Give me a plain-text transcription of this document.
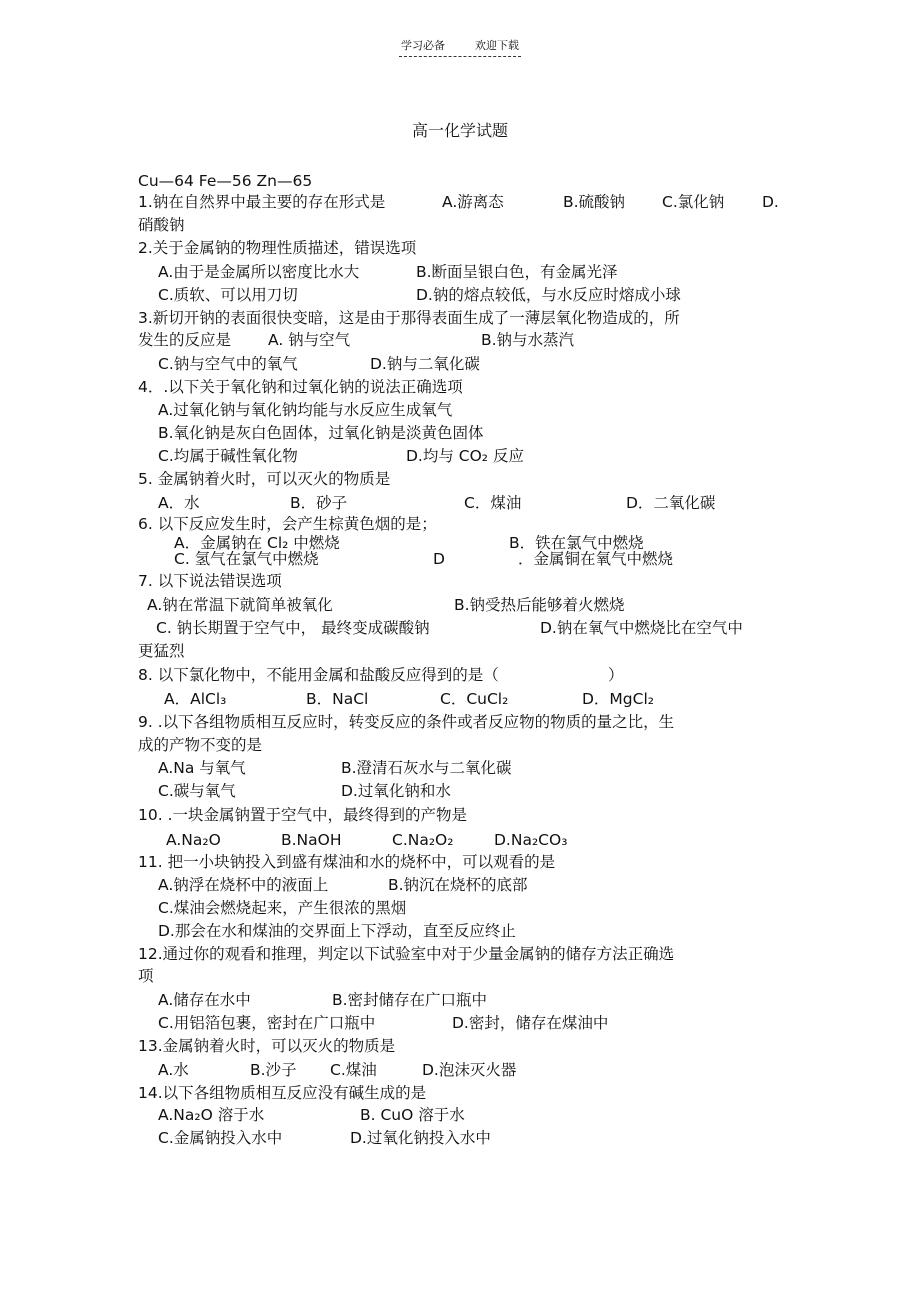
学习必备	欢迎下载
高一化学试题
Cu—64 Fe—56 Zn—65
1.钠在自然界中最主要的存在形式是	A.游离态	B.硫酸钠 C.氯化钠 D.
硝酸钠
2.关于金属钠的物理性质描述，错误选项
A.由于是金属所以密度比水大	B.断面呈银白色，有金属光泽
C.质软、可以用刀切	D.钠的熔点较低，与水反应时熔成小球
3.新切开钠的表面很快变暗，这是由于那得表面生成了一薄层氧化物造成的，所
发生的反应是 A. 钠与空气	B.钠与水蒸汽
C.钠与空气中的氧气	D.钠与二氧化碳
4．.以下关于氧化钠和过氧化钠的说法正确选项
A.过氧化钠与氧化钠均能与水反应生成氧气
B.氧化钠是灰白色固体，过氧化钠是淡黄色固体
C.均属于碱性氧化物	D.均与 CO₂ 反应
5. 金属钠着火时，可以灭火的物质是
A．水	B．砂子	C．煤油	D．二氧化碳
6. 以下反应发生时，会产生棕黄色烟的是；
A．金属钠在 Cl₂ 中燃烧	B．铁在氯气中燃烧
C. 氢气在氯气中燃烧	D	．金属铜在氧气中燃烧
7. 以下说法错误选项
A.钠在常温下就简单被氧化	B.钠受热后能够着火燃烧
C. 钠长期置于空气中， 最终变成碳酸钠	D.钠在氧气中燃烧比在空气中
更猛烈
8. 以下氯化物中，不能用金属和盐酸反应得到的是（	）
A．AlCl₃	B．NaCl	C．CuCl₂	D．MgCl₂
9. .以下各组物质相互反应时，转变反应的条件或者反应物的物质的量之比，生
成的产物不变的是
A.Na 与氧气	B.澄清石灰水与二氧化碳
C.碳与氧气	D.过氧化钠和水
10. .一块金属钠置于空气中，最终得到的产物是
A.Na₂O	B.NaOH	C.Na₂O₂	D.Na₂CO₃
11. 把一小块钠投入到盛有煤油和水的烧杯中，可以观看的是
A.钠浮在烧杯中的液面上	B.钠沉在烧杯的底部
C.煤油会燃烧起来，产生很浓的黑烟
D.那会在水和煤油的交界面上下浮动，直至反应终止
12.通过你的观看和推理，判定以下试验室中对于少量金属钠的储存方法正确选
项
A.储存在水中	B.密封储存在广口瓶中
C.用铝箔包裹，密封在广口瓶中	D.密封，储存在煤油中
13.金属钠着火时，可以灭火的物质是
A.水	B.沙子 C.煤油	D.泡沫灭火器
14.以下各组物质相互反应没有碱生成的是
A.Na₂O 溶于水	B. CuO 溶于水
C.金属钠投入水中	D.过氧化钠投入水中
